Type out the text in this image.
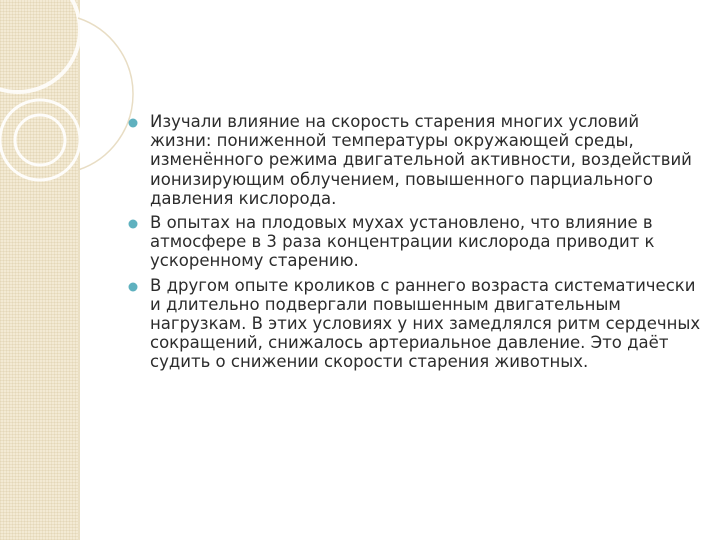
Изучали влияние на скорость старения многих условий жизни: пониженной температуры окружающей среды, изменённого режима двигательной активности, воздействий ионизирующим облучением, повышенного парциального давления кислорода.
В опытах на плодовых мухах установлено, что влияние в атмосфере в 3 раза концентрации кислорода приводит к ускоренному старению.
В другом опыте кроликов с раннего возраста систематически и длительно подвергали повышенным двигательным нагрузкам. В этих условиях у них замедлялся ритм сердечных сокращений, снижалось артериальное давление. Это даёт судить о снижении скорости старения животных.
